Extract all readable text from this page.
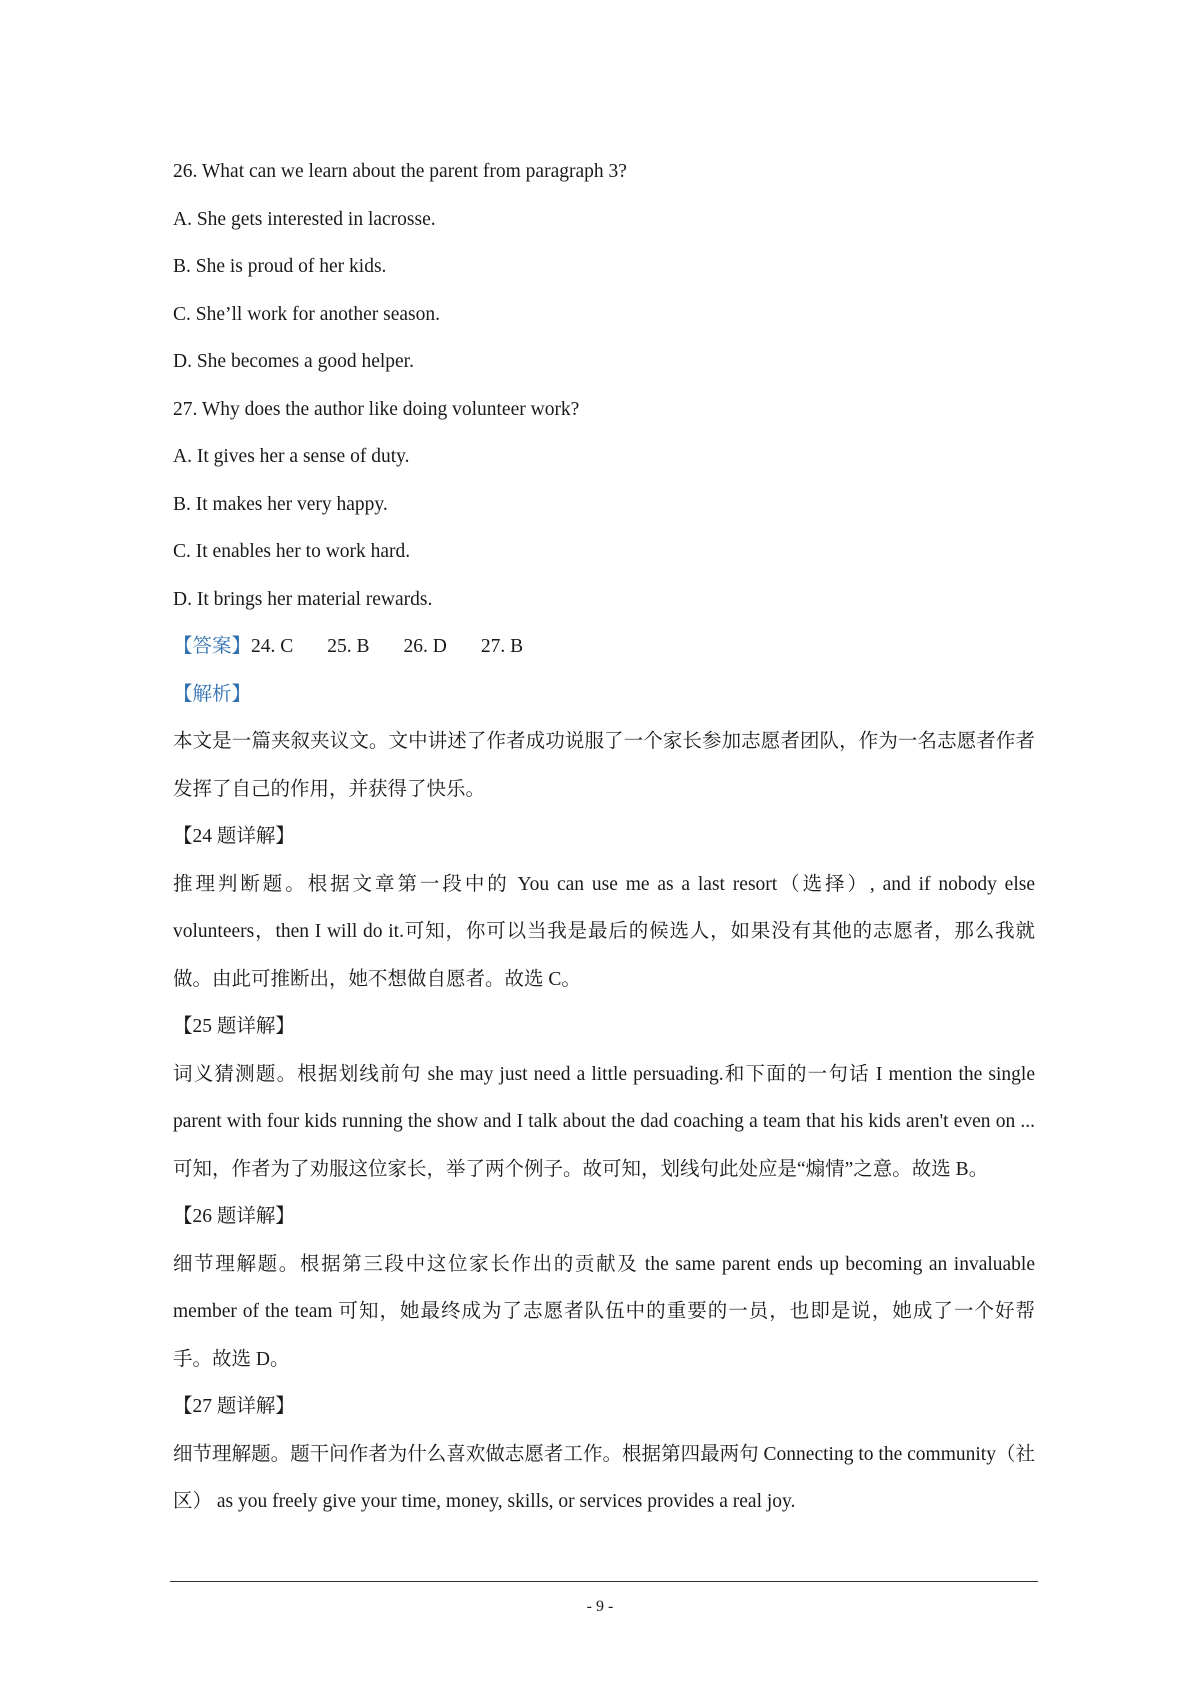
26. What can we learn about the parent from paragraph 3?

A. She gets interested in lacrosse.

B. She is proud of her kids.

C. She’ll work for another season.

D. She becomes a good helper.

27. Why does the author like doing volunteer work?

A. It gives her a sense of duty.

B. It makes her very happy.

C. It enables her to work hard.

D. It brings her material rewards.

【答案】24. C 25. B 26. D 27. B

【解析】

本文是一篇夹叙夹议文。文中讲述了作者成功说服了一个家长参加志愿者团队，作为一名志愿者作者发挥了自己的作用，并获得了快乐。

【24 题详解】

推理判断题。根据文章第一段中的 You can use me as a last resort（选择）, and if nobody else volunteers，then I will do it.可知，你可以当我是最后的候选人，如果没有其他的志愿者，那么我就做。由此可推断出，她不想做自愿者。故选 C。

【25 题详解】

词义猜测题。根据划线前句 she may just need a little persuading.和下面的一句话 I mention the single parent with four kids running the show and I talk about the dad coaching a team that his kids aren't even on ...可知，作者为了劝服这位家长，举了两个例子。故可知，划线句此处应是“煽情”之意。故选 B。

【26 题详解】

细节理解题。根据第三段中这位家长作出的贡献及 the same parent ends up becoming an invaluable member of the team 可知，她最终成为了志愿者队伍中的重要的一员，也即是说，她成了一个好帮手。故选 D。

【27 题详解】

细节理解题。题干问作者为什么喜欢做志愿者工作。根据第四最两句 Connecting to the community（社区） as you freely give your time, money, skills, or services provides a real joy.

- 9 -
